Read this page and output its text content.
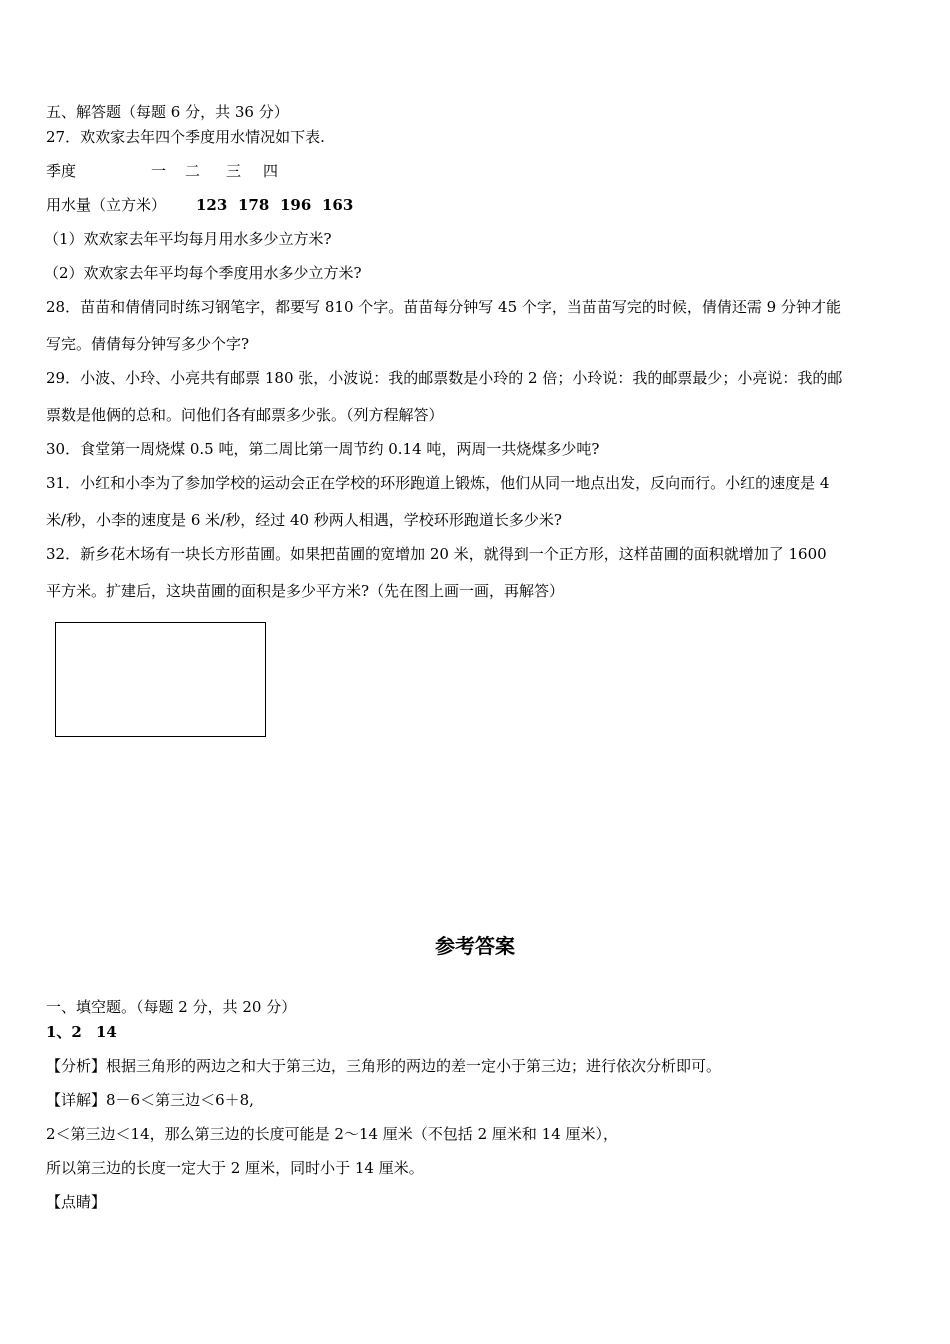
五、解答题（每题 6 分，共 36 分）
27．欢欢家去年四个季度用水情况如下表.
季度	一 二 三 四
用水量（立方米） 123 178 196 163
（1）欢欢家去年平均每月用水多少立方米?
（2）欢欢家去年平均每个季度用水多少立方米?
28．苗苗和倩倩同时练习钢笔字，都要写 810 个字。苗苗每分钟写 45 个字，当苗苗写完的时候，倩倩还需 9 分钟才能
写完。倩倩每分钟写多少个字?
29．小波、小玲、小亮共有邮票 180 张，小波说：我的邮票数是小玲的 2 倍；小玲说：我的邮票最少；小亮说：我的邮
票数是他俩的总和。问他们各有邮票多少张。（列方程解答）
30．食堂第一周烧煤 0.5 吨，第二周比第一周节约 0.14 吨，两周一共烧煤多少吨?
31．小红和小李为了参加学校的运动会正在学校的环形跑道上锻炼，他们从同一地点出发，反向而行。小红的速度是 4
米/秒，小李的速度是 6 米/秒，经过 40 秒两人相遇，学校环形跑道长多少米?
32．新乡花木场有一块长方形苗圃。如果把苗圃的宽增加 20 米，就得到一个正方形，这样苗圃的面积就增加了 1600
平方米。扩建后，这块苗圃的面积是多少平方米?（先在图上画一画，再解答）
参考答案
一、填空题。（每题 2 分，共 20 分）
1、2 14
【分析】根据三角形的两边之和大于第三边，三角形的两边的差一定小于第三边；进行依次分析即可。
【详解】8－6＜第三边＜6＋8,
2＜第三边＜14，那么第三边的长度可能是 2～14 厘米（不包括 2 厘米和 14 厘米），
所以第三边的长度一定大于 2 厘米，同时小于 14 厘米。
【点睛】
